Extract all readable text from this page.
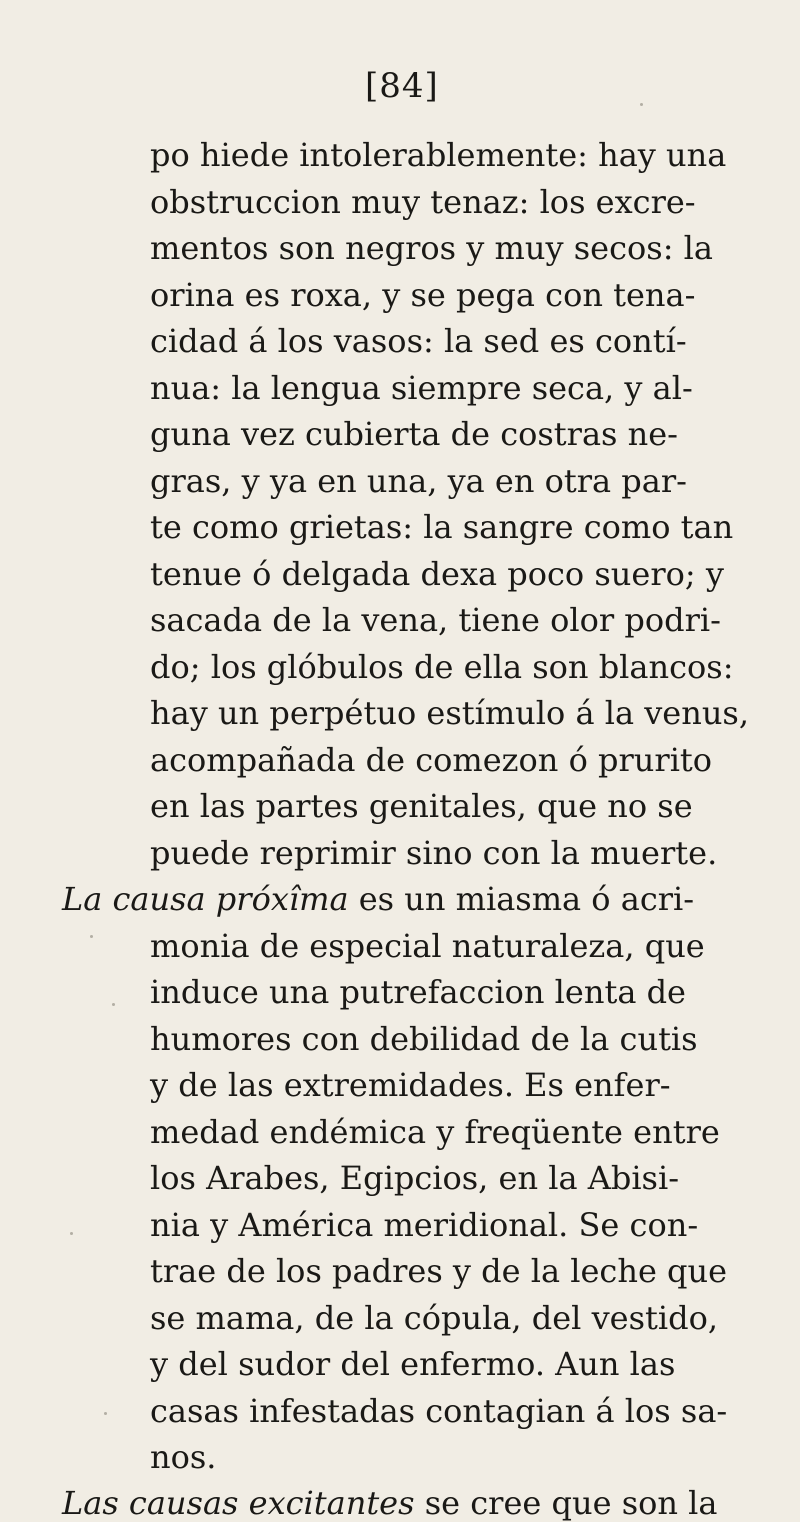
[84]
po hiede intolerablemente: hay una
obstruccion muy tenaz: los excre-
mentos son negros y muy secos: la
orina es roxa, y se pega con tena-
cidad á los vasos: la sed es contí-
nua: la lengua siempre seca, y al-
guna vez cubierta de costras ne-
gras, y ya en una, ya en otra par-
te como grietas: la sangre como tan
tenue ó delgada dexa poco suero; y
sacada de la vena, tiene olor podri-
do; los glóbulos de ella son blancos:
hay un perpétuo estímulo á la venus,
acompañada de comezon ó prurito
en las partes genitales, que no se
puede reprimir sino con la muerte.
La causa próxîma es un miasma ó acri-
monia de especial naturaleza, que
induce una putrefaccion lenta de
humores con debilidad de la cutis
y de las extremidades. Es enfer-
medad endémica y freqüente entre
los Arabes, Egipcios, en la Abisi-
nia y América meridional. Se con-
trae de los padres y de la leche que
se mama, de la cópula, del vestido,
y del sudor del enfermo. Aun las
casas infestadas contagian á los sa-
nos.
Las causas excitantes se cree que son la
